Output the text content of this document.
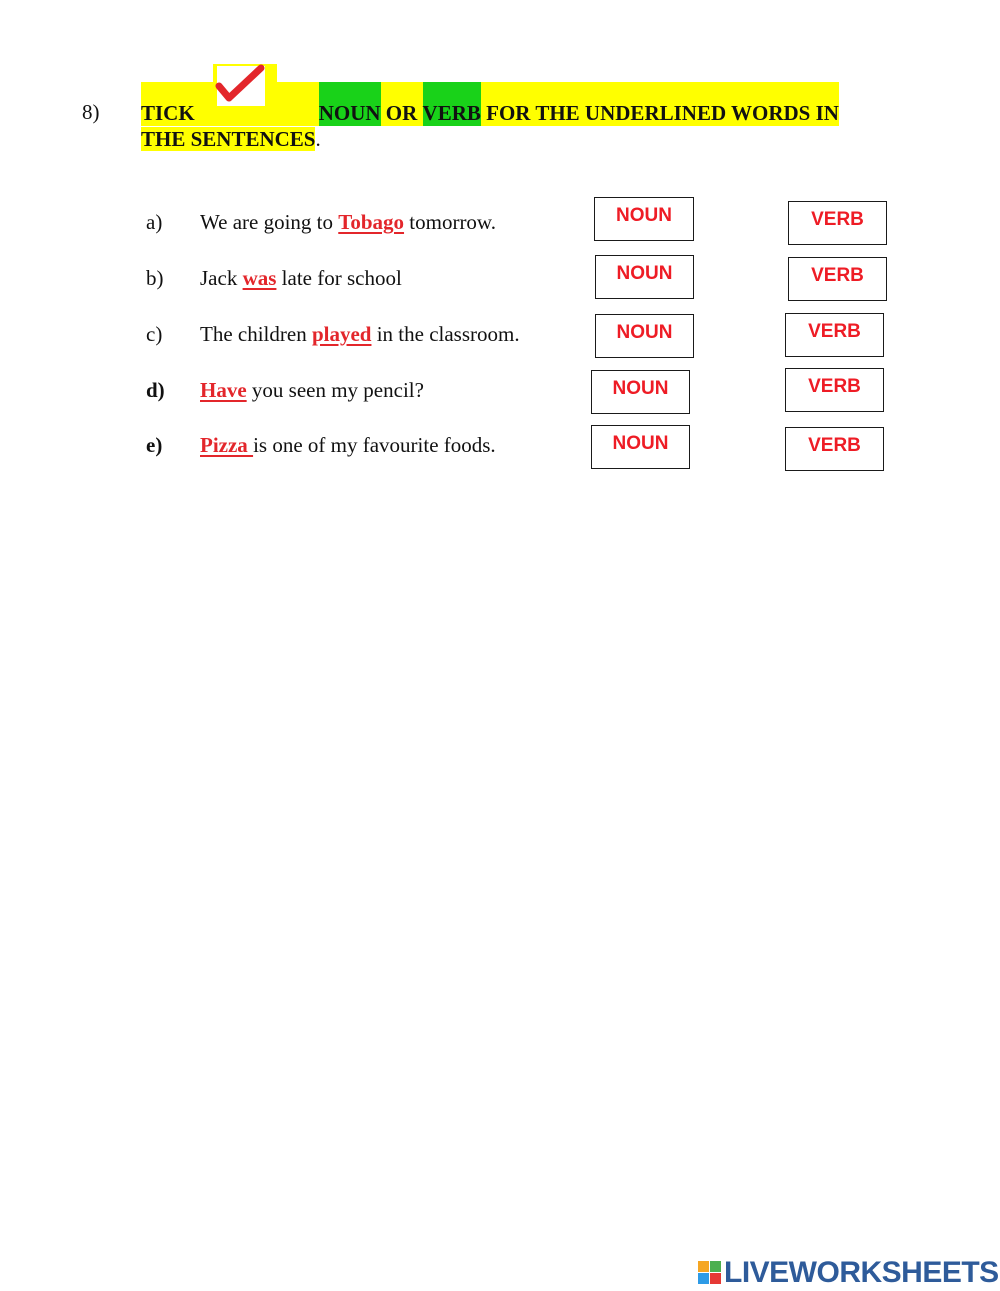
8) TICK	NOUN OR VERB FOR THE UNDERLINED WORDS IN
THE SENTENCES.
a) We are going to Tobago tomorrow.	NOUN	VERB
b) Jack was late for school	NOUN	VERB
c) The children played in the classroom.	NOUN	VERB
d) Have you seen my pencil?	NOUN	VERB
e) Pizza is one of my favourite foods.	NOUN	VERB
LIVEWORKSHEETS
